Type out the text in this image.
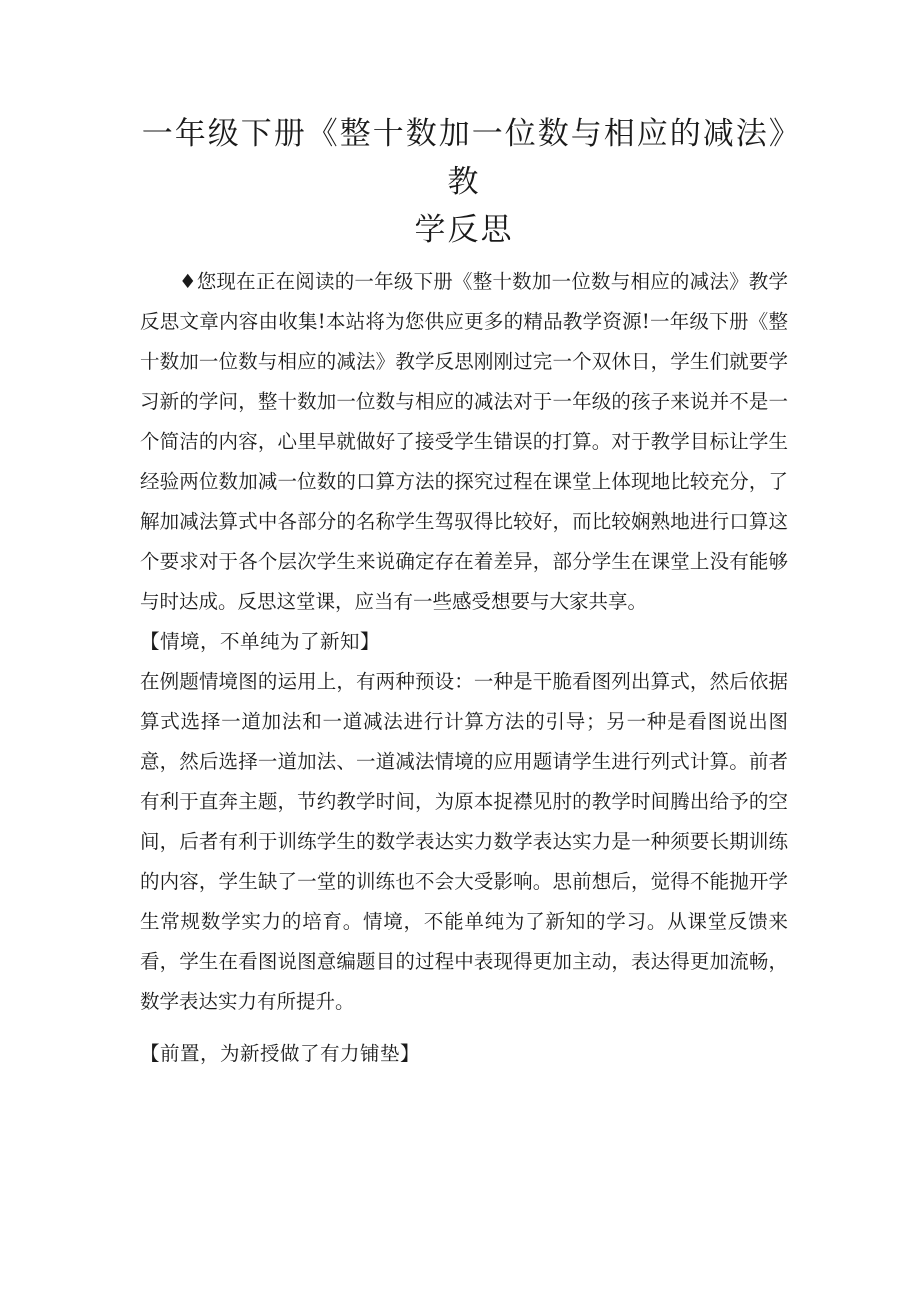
一年级下册《整十数加一位数与相应的减法》教
学反思

♦您现在正在阅读的一年级下册《整十数加一位数与相应的减法》教学反思文章内容由收集!本站将为您供应更多的精品教学资源!一年级下册《整十数加一位数与相应的减法》教学反思刚刚过完一个双休日，学生们就要学习新的学问，整十数加一位数与相应的减法对于一年级的孩子来说并不是一个简洁的内容，心里早就做好了接受学生错误的打算。对于教学目标让学生经验两位数加减一位数的口算方法的探究过程在课堂上体现地比较充分，了解加减法算式中各部分的名称学生驾驭得比较好，而比较娴熟地进行口算这个要求对于各个层次学生来说确定存在着差异，部分学生在课堂上没有能够与时达成。反思这堂课，应当有一些感受想要与大家共享。

【情境，不单纯为了新知】

在例题情境图的运用上，有两种预设：一种是干脆看图列出算式，然后依据算式选择一道加法和一道减法进行计算方法的引导；另一种是看图说出图意，然后选择一道加法、一道减法情境的应用题请学生进行列式计算。前者有利于直奔主题，节约教学时间，为原本捉襟见肘的教学时间腾出给予的空间，后者有利于训练学生的数学表达实力数学表达实力是一种须要长期训练的内容，学生缺了一堂的训练也不会大受影响。思前想后，觉得不能抛开学生常规数学实力的培育。情境，不能单纯为了新知的学习。从课堂反馈来看，学生在看图说图意编题目的过程中表现得更加主动，表达得更加流畅，数学表达实力有所提升。

【前置，为新授做了有力铺垫】
